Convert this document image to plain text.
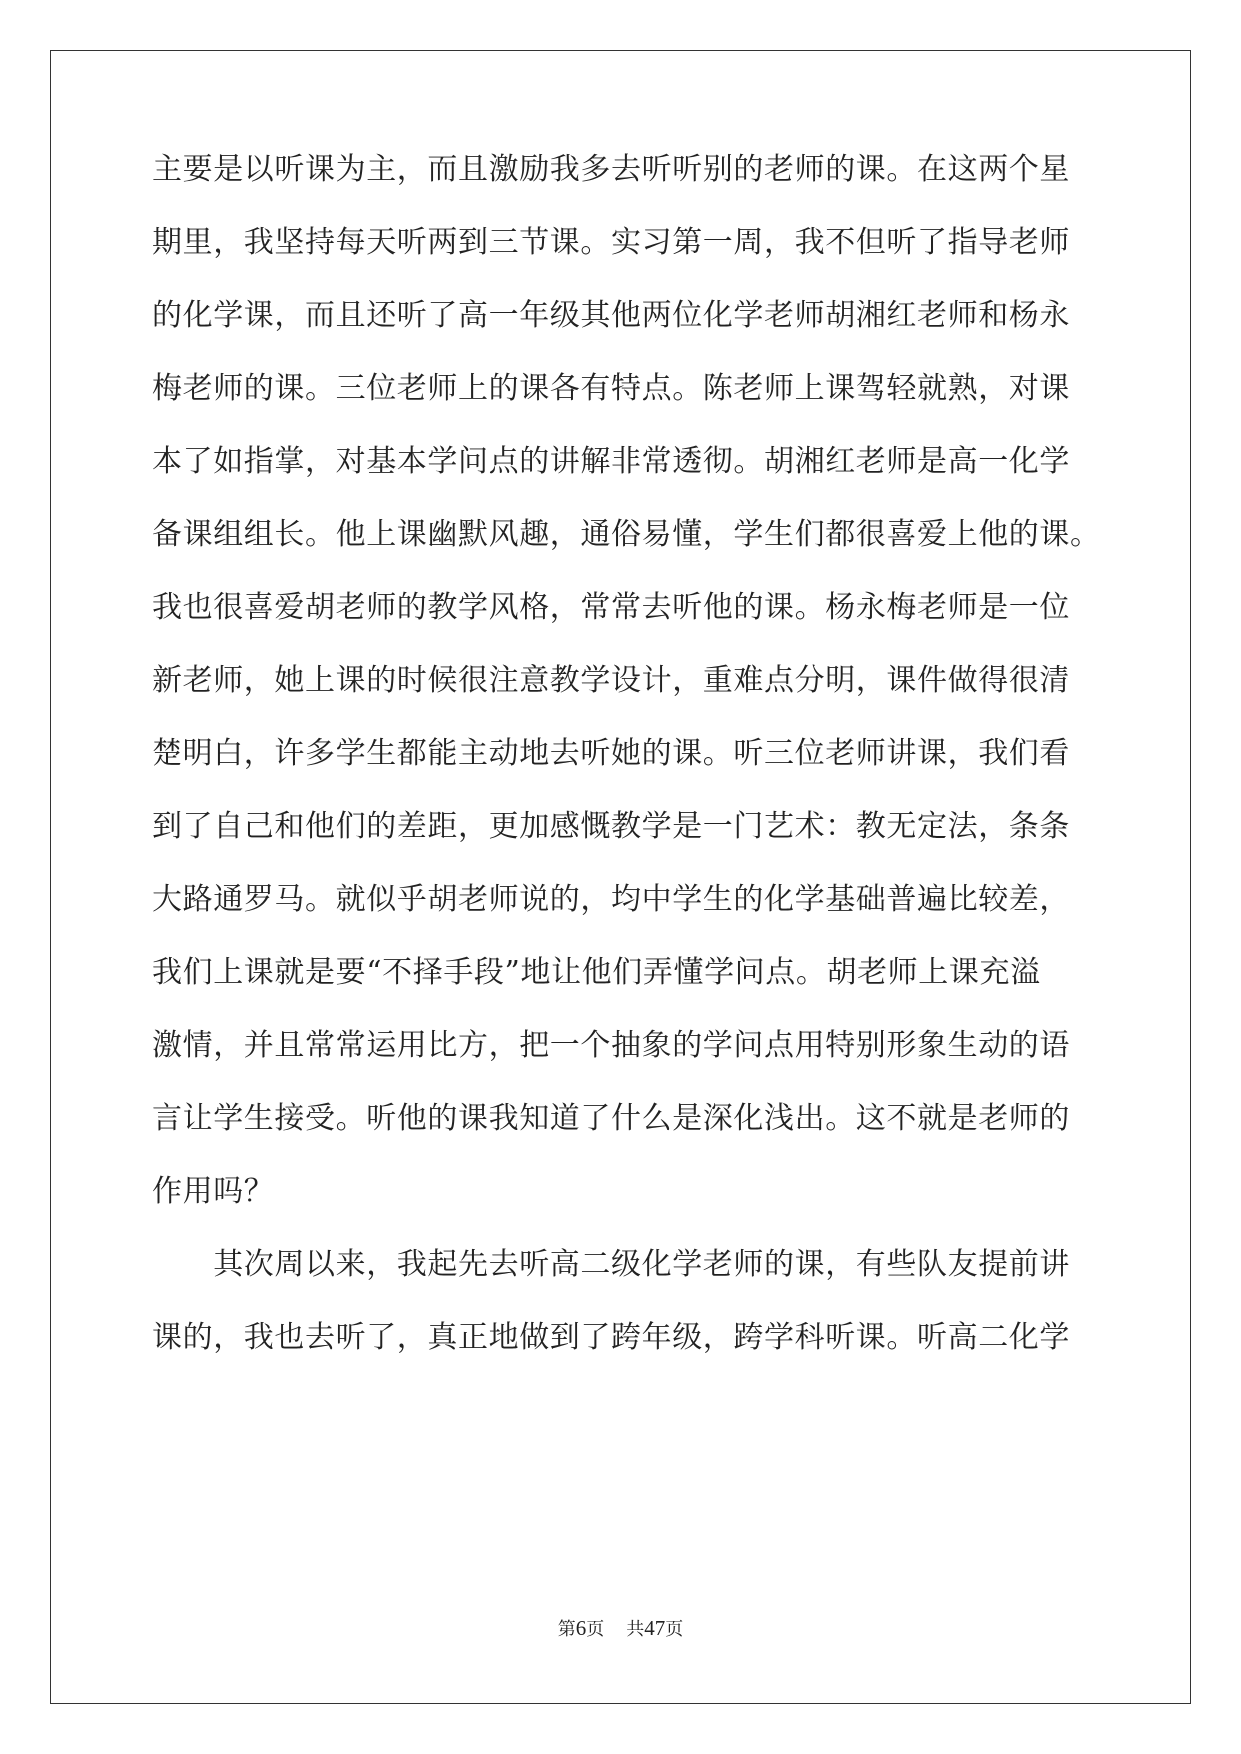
主要是以听课为主，而且激励我多去听听别的老师的课。在这两个星
期里，我坚持每天听两到三节课。实习第一周，我不但听了指导老师
的化学课，而且还听了高一年级其他两位化学老师胡湘红老师和杨永
梅老师的课。三位老师上的课各有特点。陈老师上课驾轻就熟，对课
本了如指掌，对基本学问点的讲解非常透彻。胡湘红老师是高一化学
备课组组长。他上课幽默风趣，通俗易懂，学生们都很喜爱上他的课。
我也很喜爱胡老师的教学风格，常常去听他的课。杨永梅老师是一位
新老师，她上课的时候很注意教学设计，重难点分明，课件做得很清
楚明白，许多学生都能主动地去听她的课。听三位老师讲课，我们看
到了自己和他们的差距，更加感慨教学是一门艺术：教无定法，条条
大路通罗马。就似乎胡老师说的，均中学生的化学基础普遍比较差，
我们上课就是要“不择手段”地让他们弄懂学问点。胡老师上课充溢
激情，并且常常运用比方，把一个抽象的学问点用特别形象生动的语
言让学生接受。听他的课我知道了什么是深化浅出。这不就是老师的
作用吗？
　　其次周以来，我起先去听高二级化学老师的课，有些队友提前讲
课的，我也去听了，真正地做到了跨年级，跨学科听课。听高二化学
第6页 共47页
